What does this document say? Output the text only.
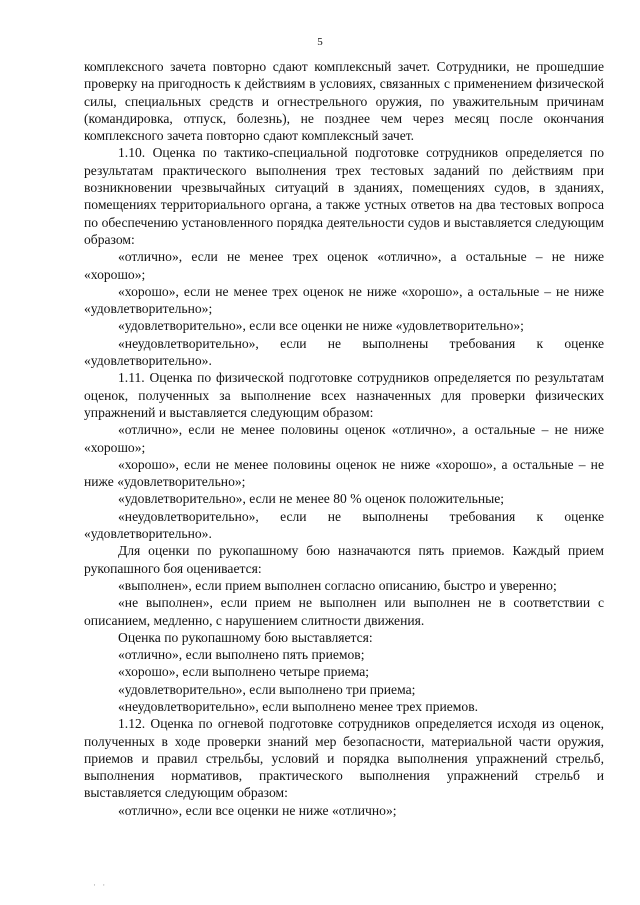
5

комплексного зачета повторно сдают комплексный зачет. Сотрудники, не прошедшие проверку на пригодность к действиям в условиях, связанных с применением физической силы, специальных средств и огнестрельного оружия, по уважительным причинам (командировка, отпуск, болезнь), не позднее чем через месяц после окончания комплексного зачета повторно сдают комплексный зачет.

1.10. Оценка по тактико-специальной подготовке сотрудников определяется по результатам практического выполнения трех тестовых заданий по действиям при возникновении чрезвычайных ситуаций в зданиях, помещениях судов, в зданиях, помещениях территориального органа, а также устных ответов на два тестовых вопроса по обеспечению установленного порядка деятельности судов и выставляется следующим образом:

«отлично», если не менее трех оценок «отлично», а остальные – не ниже «хорошо»;

«хорошо», если не менее трех оценок не ниже «хорошо», а остальные – не ниже «удовлетворительно»;

«удовлетворительно», если все оценки не ниже «удовлетворительно»;

«неудовлетворительно», если не выполнены требования к оценке «удовлетворительно».

1.11. Оценка по физической подготовке сотрудников определяется по результатам оценок, полученных за выполнение всех назначенных для проверки физических упражнений и выставляется следующим образом:

«отлично», если не менее половины оценок «отлично», а остальные – не ниже «хорошо»;

«хорошо», если не менее половины оценок не ниже «хорошо», а остальные – не ниже «удовлетворительно»;

«удовлетворительно», если не менее 80 % оценок положительные;

«неудовлетворительно», если не выполнены требования к оценке «удовлетворительно».

Для оценки по рукопашному бою назначаются пять приемов. Каждый прием рукопашного боя оценивается:

«выполнен», если прием выполнен согласно описанию, быстро и уверенно;

«не выполнен», если прием не выполнен или выполнен не в соответствии с описанием, медленно, с нарушением слитности движения.

Оценка по рукопашному бою выставляется:

«отлично», если выполнено пять приемов;

«хорошо», если выполнено четыре приема;

«удовлетворительно», если выполнено три приема;

«неудовлетворительно», если выполнено менее трех приемов.

1.12. Оценка по огневой подготовке сотрудников определяется исходя из оценок, полученных в ходе проверки знаний мер безопасности, материальной части оружия, приемов и правил стрельбы, условий и порядка выполнения упражнений стрельб, выполнения нормативов, практического выполнения упражнений стрельб и выставляется следующим образом:

«отлично», если все оценки не ниже «отлично»;

· ·
